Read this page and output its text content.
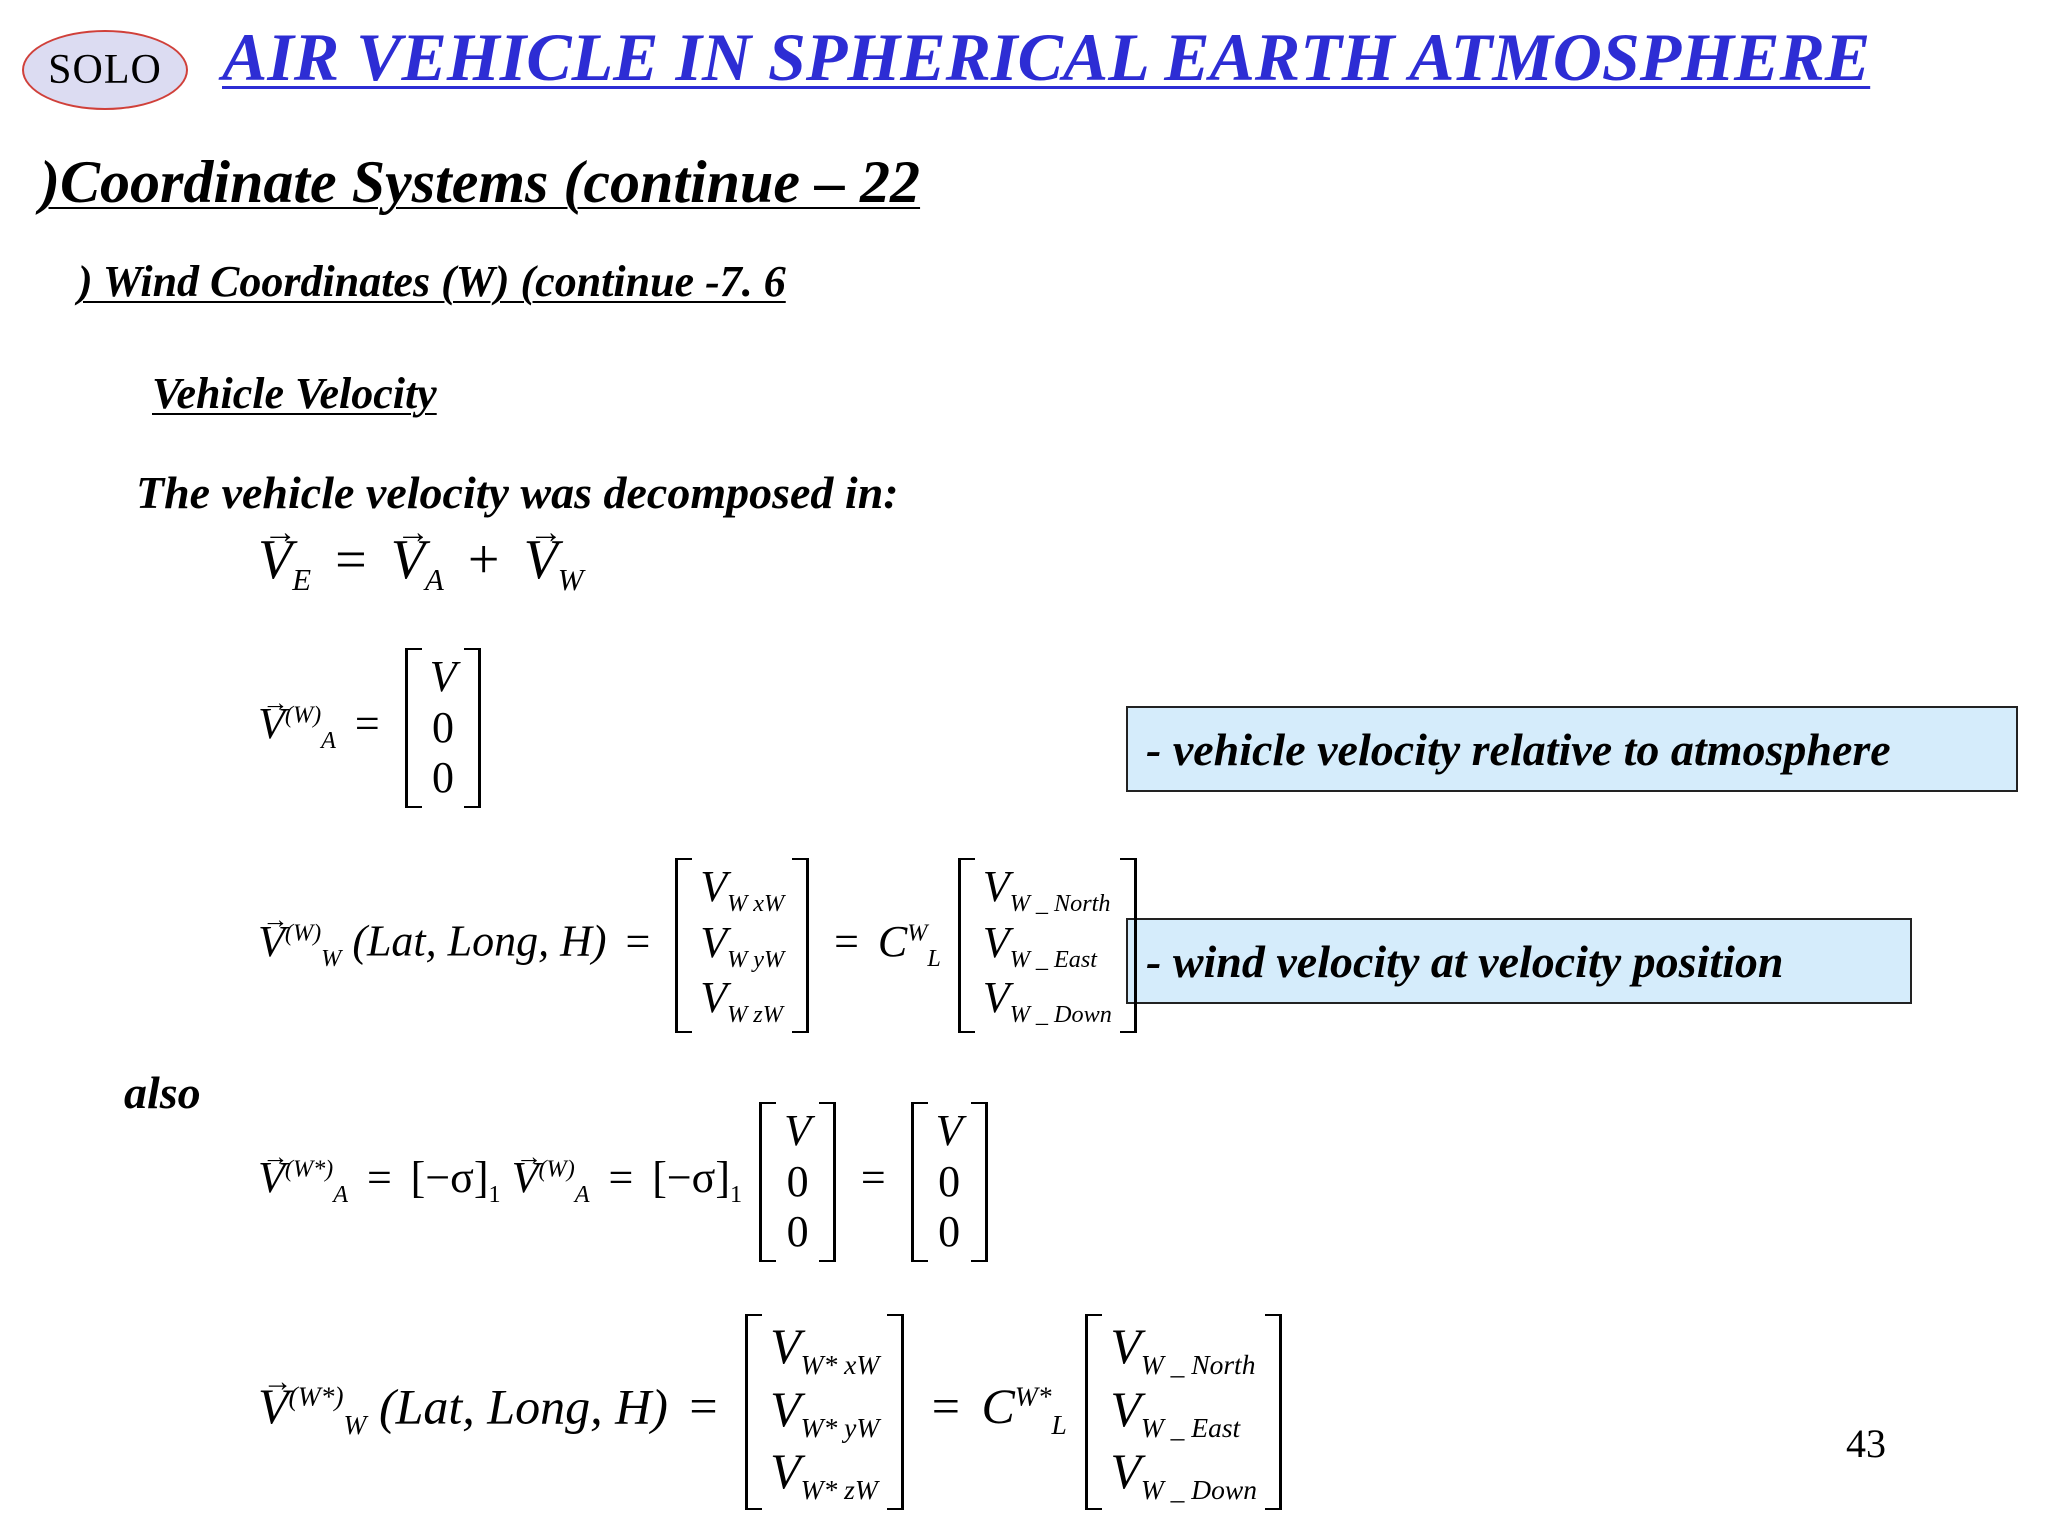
SOLO AIR VEHICLE IN SPHERICAL EARTH ATMOSPHERE
)Coordinate Systems (continue – 22
) Wind Coordinates (W) (continue -7. 6
Vehicle Velocity
The vehicle velocity was decomposed in:
also
- vehicle velocity relative to atmosphere
- wind velocity at velocity position
→ $V_E$ = → $V_A$ + → $V_W$
→ $V^{(W)}_A$ =
V
0
0
→ $V^{(W)}_W$ (Lat, Long, H) =
$V_{W xW}$
$V_{W yW}$
$V_{W zW}$
= $C^W_L$
$V_{W \_ North}$
$V_{W \_ East}$
$V_{W \_ Down}$
→ $V^{(W*)}_A = [-\sigma]_1 \to V^{(W)}_A = [-\sigma]_1$
V
0
0
=
V
0
0
→ $V^{(W*)}_W$ (Lat, Long, H) =
$V_{W* xW}$
$V_{W* yW}$
$V_{W* zW}$
= $C^{W*}_L$
$V_{W \_ North}$
$V_{W \_ East}$
$V_{W \_ Down}$
43
